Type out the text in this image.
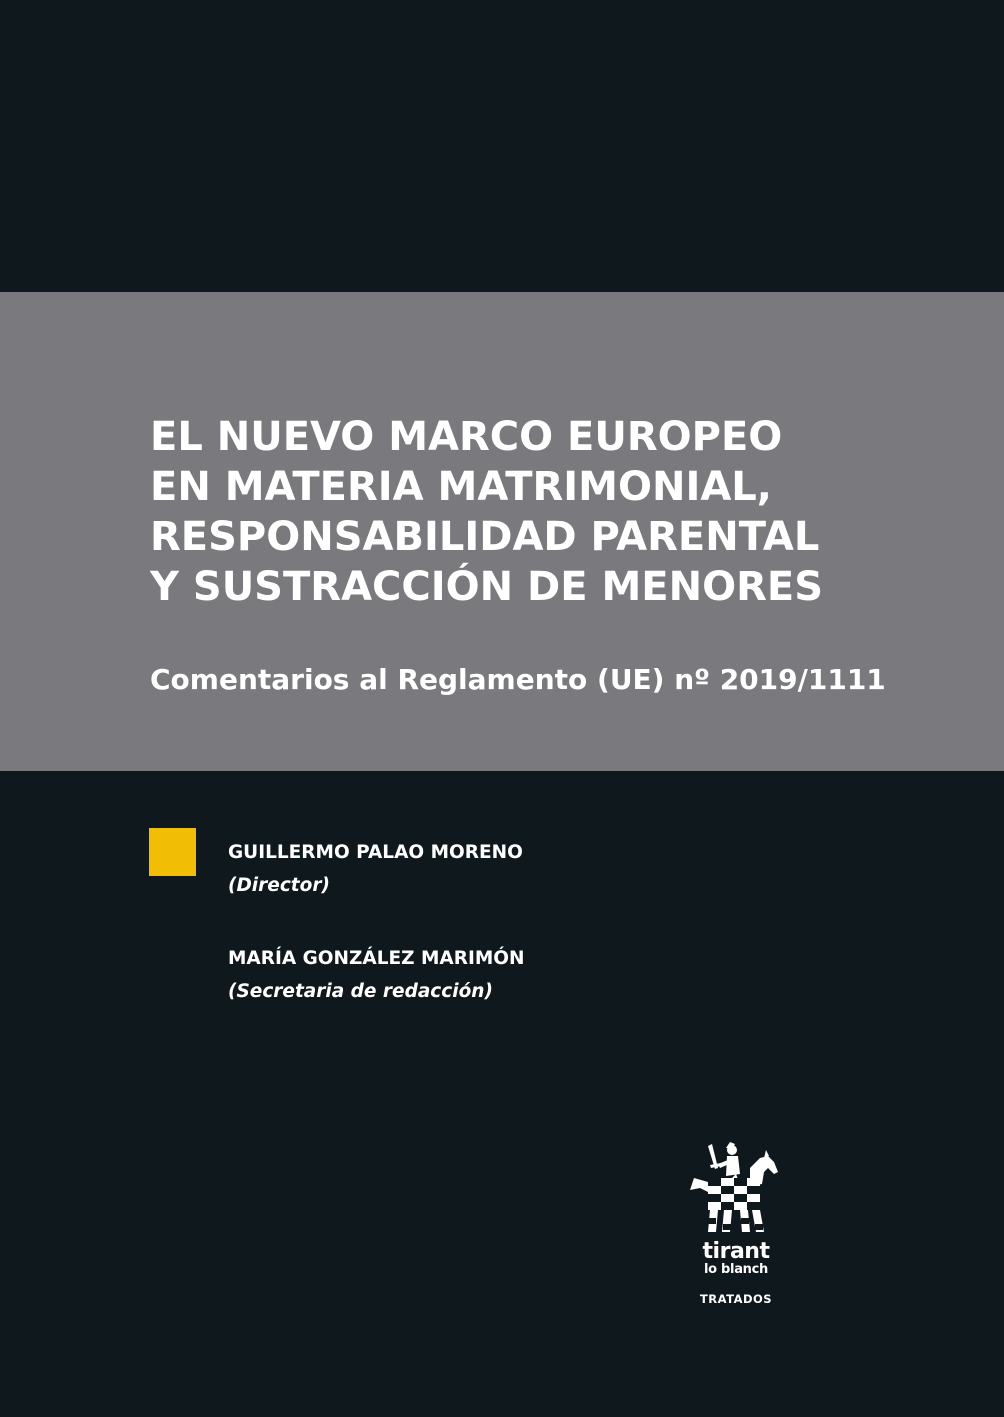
EL NUEVO MARCO EUROPEO
EN MATERIA MATRIMONIAL,
RESPONSABILIDAD PARENTAL
Y SUSTRACCIÓN DE MENORES
Comentarios al Reglamento (UE) nº 2019/1111
GUILLERMO PALAO MORENO
(Director)
MARÍA GONZÁLEZ MARIMÓN
(Secretaria de redacción)
tirant
lo blanch
TRATADOS
